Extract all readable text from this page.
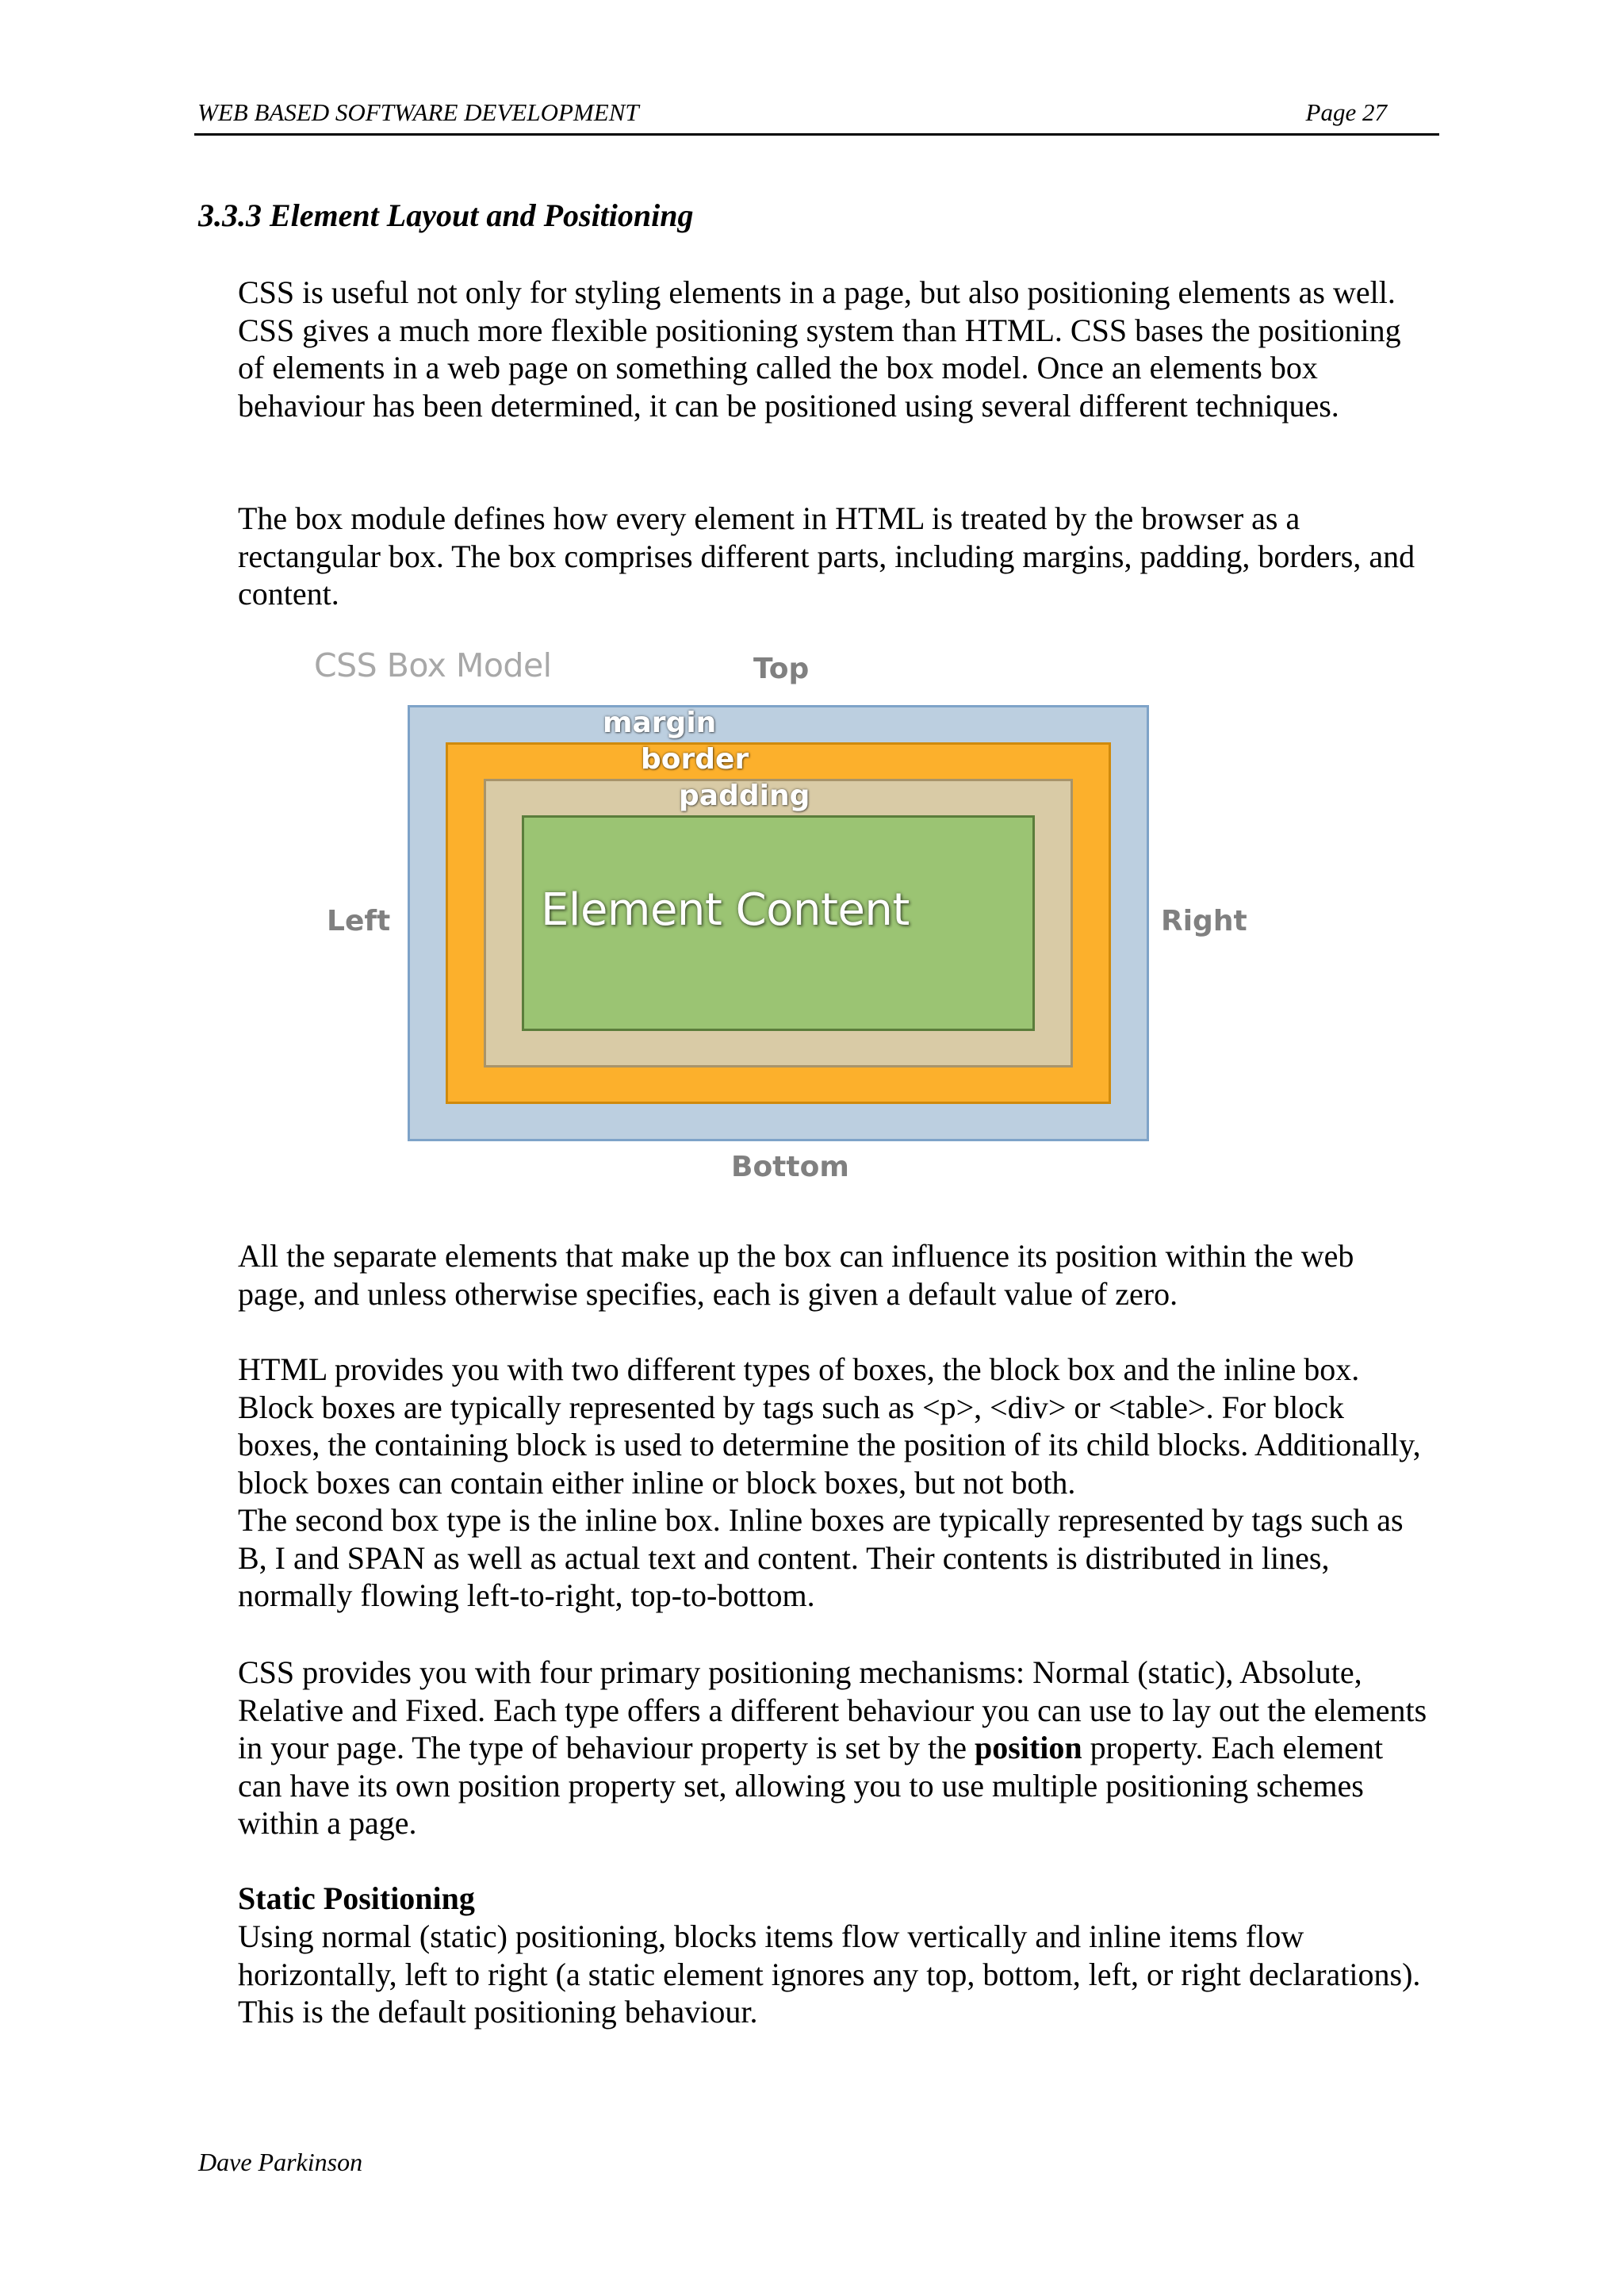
WEB BASED SOFTWARE DEVELOPMENT	Page 27
3.3.3 Element Layout and Positioning

CSS is useful not only for styling elements in a page, but also positioning elements as well. CSS gives a much more flexible positioning system than HTML. CSS bases the positioning of elements in a web page on something called the box model. Once an elements box behaviour has been determined, it can be positioned using several different techniques.

The box module defines how every element in HTML is treated by the browser as a rectangular box. The box comprises different parts, including margins, padding, borders, and content.

CSS Box Model	Top
margin
border
padding
Element Content
Left	Right
Bottom

All the separate elements that make up the box can influence its position within the web page, and unless otherwise specifies, each is given a default value of zero.

HTML provides you with two different types of boxes, the block box and the inline box. Block boxes are typically represented by tags such as <p>, <div> or <table>. For block boxes, the containing block is used to determine the position of its child blocks. Additionally, block boxes can contain either inline or block boxes, but not both.

The second box type is the inline box. Inline boxes are typically represented by tags such as B, I and SPAN as well as actual text and content. Their contents is distributed in lines, normally flowing left-to-right, top-to-bottom.

CSS provides you with four primary positioning mechanisms: Normal (static), Absolute, Relative and Fixed. Each type offers a different behaviour you can use to lay out the elements in your page. The type of behaviour property is set by the position property. Each element can have its own position property set, allowing you to use multiple positioning schemes within a page.

Static Positioning

Using normal (static) positioning, blocks items flow vertically and inline items flow horizontally, left to right (a static element ignores any top, bottom, left, or right declarations). This is the default positioning behaviour.

Dave Parkinson
